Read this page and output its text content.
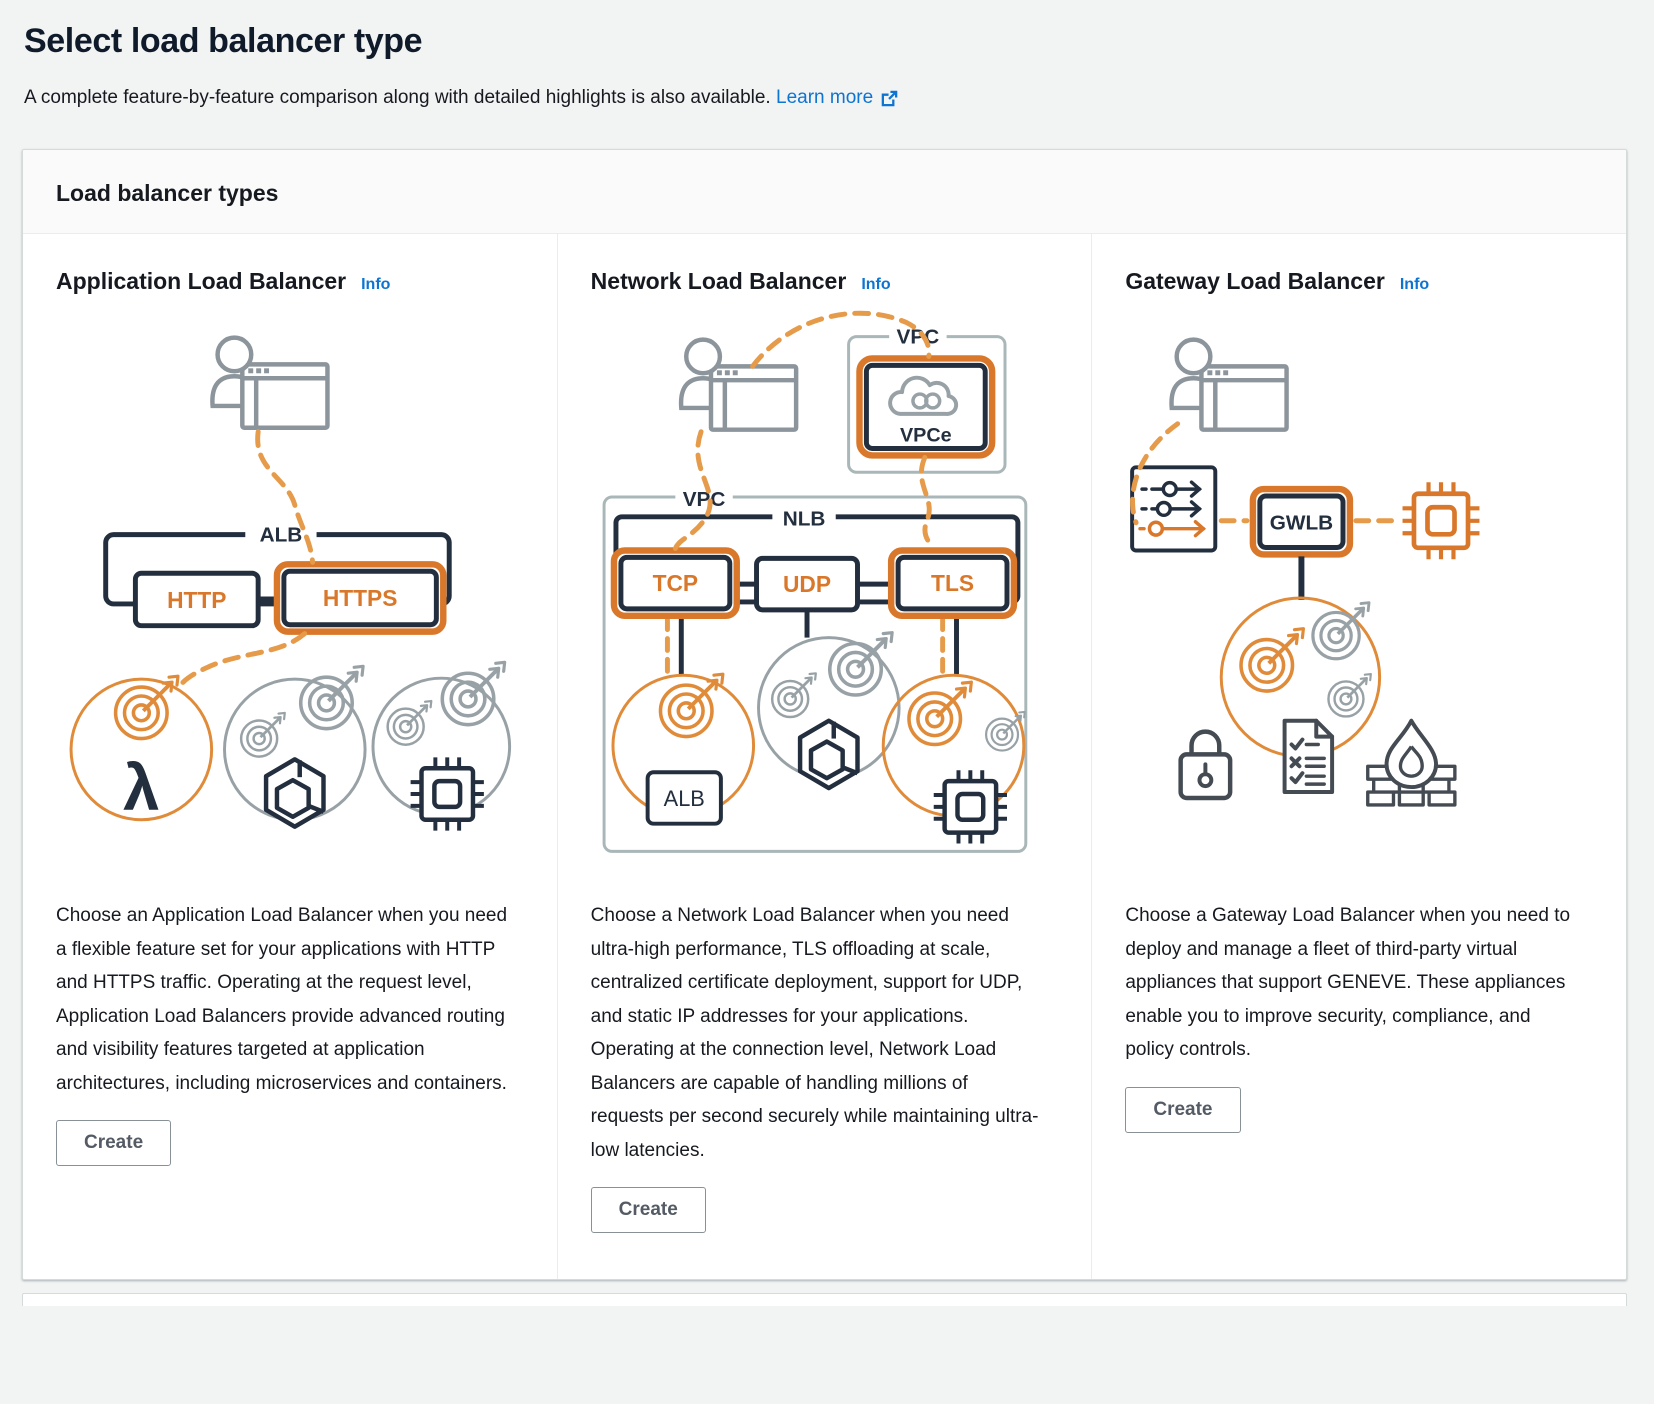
Select load balancer type

A complete feature-by-feature comparison along with detailed highlights is also available. Learn more

Load balancer types
Application Load Balancer Info
ALB
HTTP	HTTPS
λ

Choose an Application Load Balancer when you need a flexible feature set for your applications with HTTP and HTTPS traffic. Operating at the request level, Application Load Balancers provide advanced routing and visibility features targeted at application architectures, including microservices and containers.

Create
Network Load Balancer Info
VPC
VPCe
VPC
NLB
TCP	UDP	TLS
ALB

Choose a Network Load Balancer when you need ultra-high performance, TLS offloading at scale, centralized certificate deployment, support for UDP, and static IP addresses for your applications. Operating at the connection level, Network Load Balancers are capable of handling millions of requests per second securely while maintaining ultra-low latencies.

Create
Gateway Load Balancer Info
GWLB

Choose a Gateway Load Balancer when you need to deploy and manage a fleet of third-party virtual appliances that support GENEVE. These appliances enable you to improve security, compliance, and policy controls.

Create
